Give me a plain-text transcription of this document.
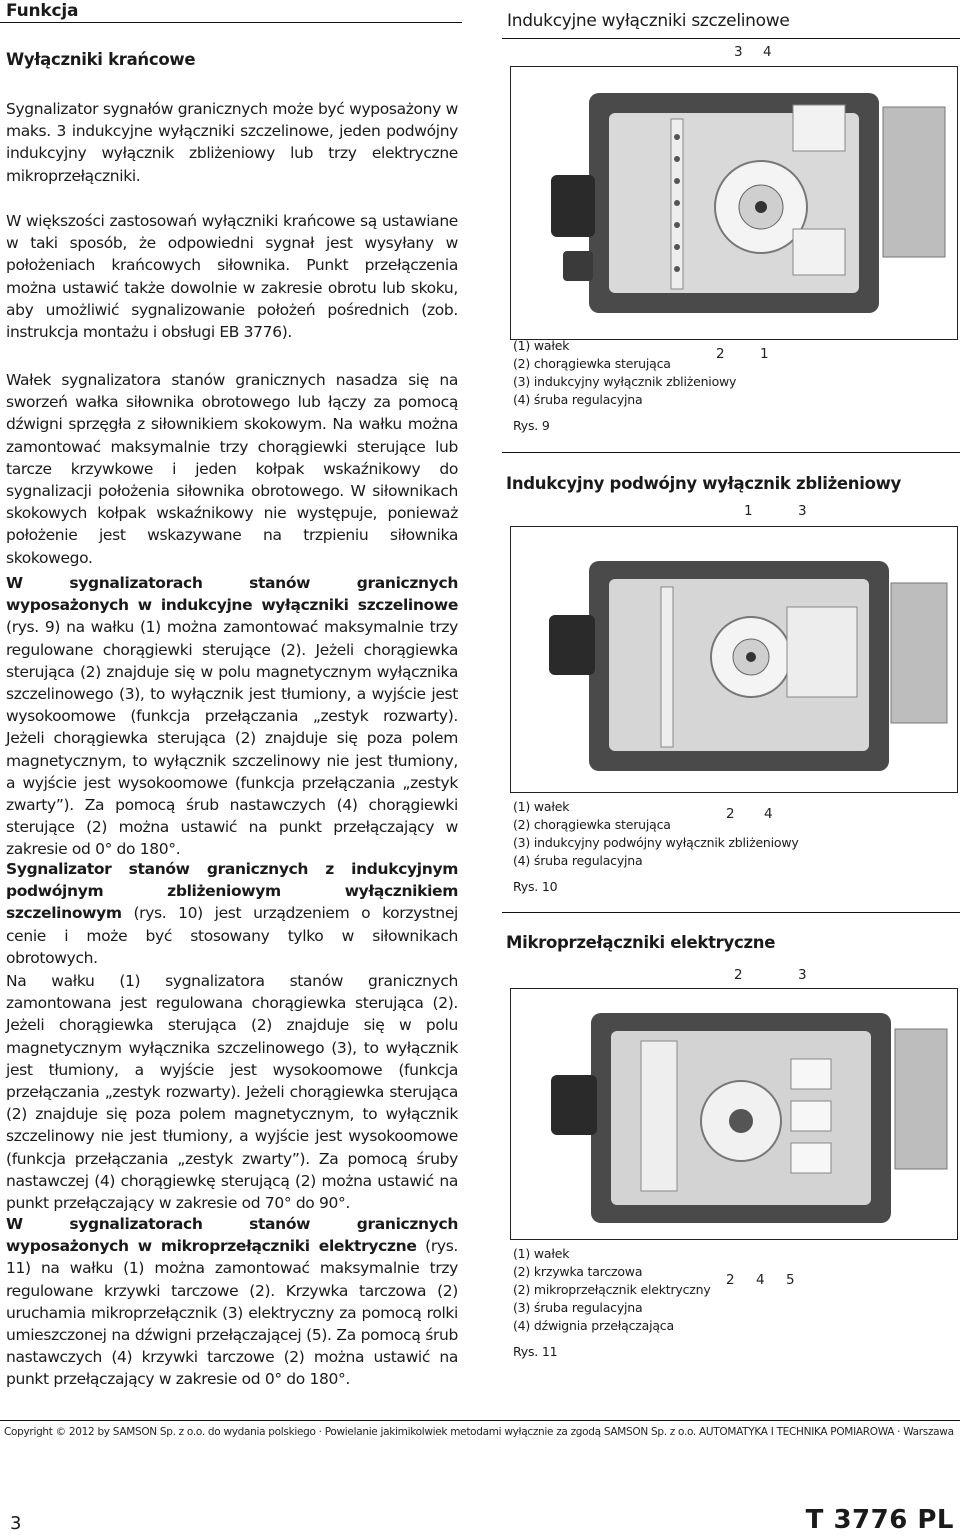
Funkcja	Indukcyjne wyłączniki szczelinowe
Wyłączniki krańcowe

Sygnalizator sygnałów granicznych może być wyposażony w maks. 3 indukcyjne wyłączniki szczelinowe, jeden podwójny indukcyjny wyłącznik zbliżeniowy lub trzy elektryczne mikroprzełączniki.

W większości zastosowań wyłączniki krańcowe są ustawiane w taki sposób, że odpowiedni sygnał jest wysyłany w położeniach krańcowych siłownika. Punkt przełączenia można ustawić także dowolnie w zakresie obrotu lub skoku, aby umożliwić sygnalizowanie położeń pośrednich (zob. instrukcja montażu i obsługi EB 3776).

Wałek sygnalizatora stanów granicznych nasadza się na sworzeń wałka siłownika obrotowego lub łączy za pomocą dźwigni sprzęgła z siłownikiem skokowym. Na wałku można zamontować maksymalnie trzy chorągiewki sterujące lub tarcze krzywkowe i jeden kołpak wskaźnikowy do sygnalizacji położenia siłownika obrotowego. W siłownikach skokowych kołpak wskaźnikowy nie występuje, ponieważ położenie jest wskazywane na trzpieniu siłownika skokowego.

W sygnalizatorach stanów granicznych wyposażonych w indukcyjne wyłączniki szczelinowe (rys. 9) na wałku (1) można zamontować maksymalnie trzy regulowane chorągiewki sterujące (2). Jeżeli chorągiewka sterująca (2) znajduje się w polu magnetycznym wyłącznika szczelinowego (3), to wyłącznik jest tłumiony, a wyjście jest wysokoomowe (funkcja przełączania „zestyk rozwarty). Jeżeli chorągiewka sterująca (2) znajduje się poza polem magnetycznym, to wyłącznik szczelinowy nie jest tłumiony, a wyjście jest wysokoomowe (funkcja przełączania „zestyk zwarty”). Za pomocą śrub nastawczych (4) chorągiewki sterujące (2) można ustawić na punkt przełączający w zakresie od 0° do 180°.

Sygnalizator stanów granicznych z indukcyjnym podwójnym zbliżeniowym wyłącznikiem szczelinowym (rys. 10) jest urządzeniem o korzystnej cenie i może być stosowany tylko w siłownikach obrotowych.

Na wałku (1) sygnalizatora stanów granicznych zamontowana jest regulowana chorągiewka sterująca (2). Jeżeli chorągiewka sterująca (2) znajduje się w polu magnetycznym wyłącznika szczelinowego (3), to wyłącznik jest tłumiony, a wyjście jest wysokoomowe (funkcja przełączania „zestyk rozwarty). Jeżeli chorągiewka sterująca (2) znajduje się poza polem magnetycznym, to wyłącznik szczelinowy nie jest tłumiony, a wyjście jest wysokoomowe (funkcja przełączania „zestyk zwarty”). Za pomocą śruby nastawczej (4) chorągiewkę sterującą (2) można ustawić na punkt przełączający w zakresie od 70° do 90°.

W sygnalizatorach stanów granicznych wyposażonych w mikroprzełączniki elektryczne (rys. 11) na wałku (1) można zamontować maksymalnie trzy regulowane krzywki tarczowe (2). Krzywka tarczowa (2) uruchamia mikroprzełącznik (3) elektryczny za pomocą rolki umieszczonej na dźwigni przełączającej (5). Za pomocą śrub nastawczych (4) krzywki tarczowe (2) można ustawić na punkt przełączający w zakresie od 0° do 180°.

3 4
2	1
(1) wałek
(2) chorągiewka sterująca
(3) indukcyjny wyłącznik zbliżeniowy
(4) śruba regulacyjna
Rys. 9
Indukcyjny podwójny wyłącznik zbliżeniowy
1	3
2 4
(1) wałek
(2) chorągiewka sterująca
(3) indukcyjny podwójny wyłącznik zbliżeniowy
(4) śruba regulacyjna
Rys. 10
Mikroprzełączniki elektryczne
2	3
2 4 5
(1) wałek
(2) krzywka tarczowa
(2) mikroprzełącznik elektryczny
(3) śruba regulacyjna
(4) dźwignia przełączająca
Rys. 11
Copyright © 2012 by SAMSON Sp. z o.o. do wydania polskiego · Powielanie jakimikolwiek metodami wyłącznie za zgodą SAMSON Sp. z o.o. AUTOMATYKA I TECHNIKA POMIAROWA · Warszawa
3	T 3776 PL
